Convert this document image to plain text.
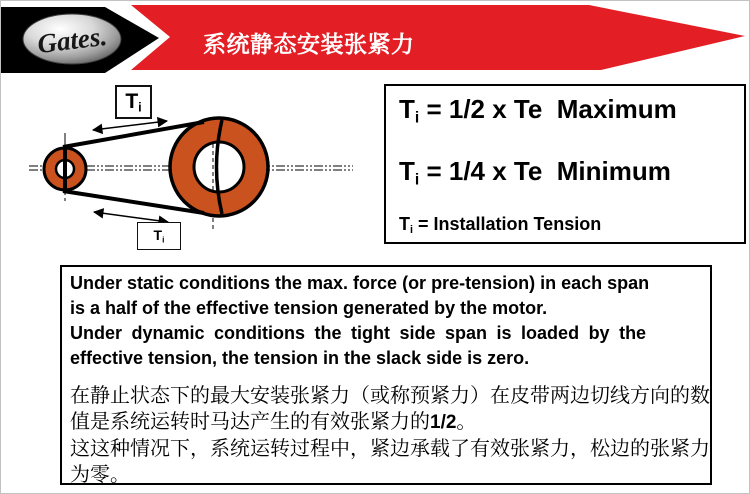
Gates.	系统静态安装张紧力
$T_i$
$T_i$
$T_i = 1/2$ x Te  Maximum
$T_i = 1/4$ x Te  Minimum
$T_i$ = Installation Tension
Under static conditions the max. force (or pre-tension) in each span
is a half of the effective tension generated by the motor.
Under dynamic conditions the tight side span is loaded by the
effective tension, the tension in the slack side is zero.
在静止状态下的最大安装张紧力（或称预紧力）在皮带两边切线方向的数
值是系统运转时马达产生的有效张紧力的1/2。
这这种情况下，系统运转过程中，紧边承载了有效张紧力，松边的张紧力
为零。
